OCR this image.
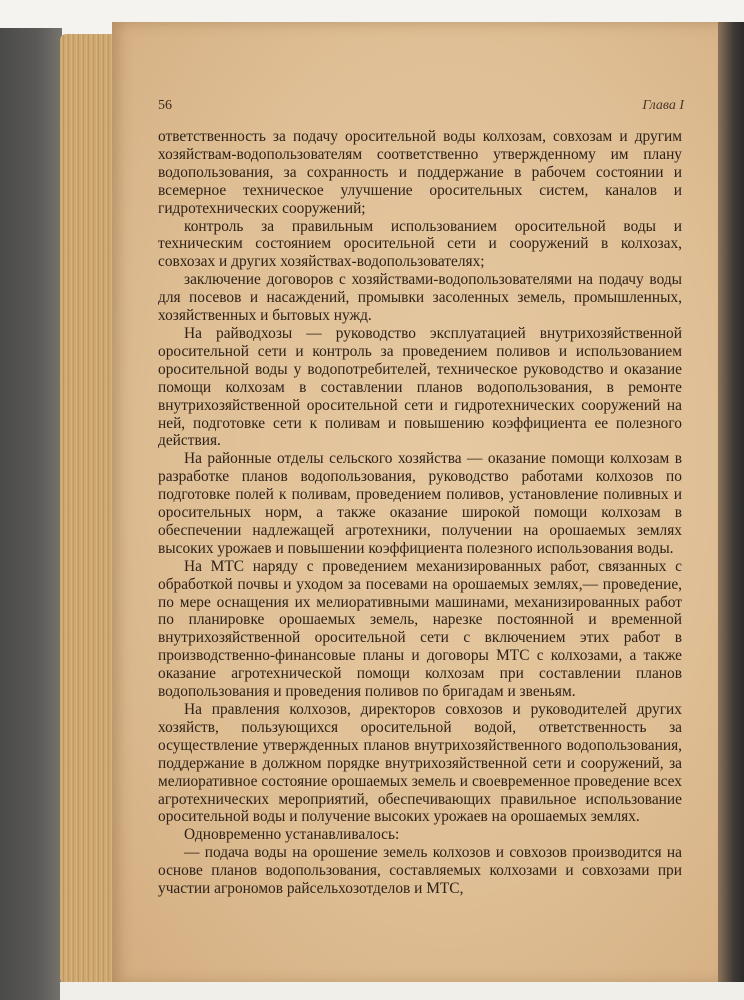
56	Глава I

ответственность за подачу оросительной воды колхозам, совхозам и другим хозяйствам-водопользователям соответственно утвержденному им плану водопользования, за сохранность и поддержание в рабочем состоянии и всемерное техническое улучшение оросительных систем, каналов и гидротехнических сооружений;

контроль за правильным использованием оросительной воды и техническим состоянием оросительной сети и сооружений в колхозах, совхозах и других хозяйствах-водопользователях;

заключение договоров с хозяйствами-водопользователями на подачу воды для посевов и насаждений, промывки засоленных земель, промышленных, хозяйственных и бытовых нужд.

На райводхозы — руководство эксплуатацией внутрихозяйственной оросительной сети и контроль за проведением поливов и использованием оросительной воды у водопотребителей, техническое руководство и оказание помощи колхозам в составлении планов водопользования, в ремонте внутрихозяйственной оросительной сети и гидротехнических сооружений на ней, подготовке сети к поливам и повышению коэффициента ее полезного действия.

На районные отделы сельского хозяйства — оказание помощи колхозам в разработке планов водопользования, руководство работами колхозов по подготовке полей к поливам, проведением поливов, установление поливных и оросительных норм, а также оказание широкой помощи колхозам в обеспечении надлежащей агротехники, получении на орошаемых землях высоких урожаев и повышении коэффициента полезного использования воды.

На МТС наряду с проведением механизированных работ, связанных с обработкой почвы и уходом за посевами на орошаемых землях,— проведение, по мере оснащения их мелиоративными машинами, механизированных работ по планировке орошаемых земель, нарезке постоянной и временной внутрихозяйственной оросительной сети с включением этих работ в производственно-финансовые планы и договоры МТС с колхозами, а также оказание агротехнической помощи колхозам при составлении планов водопользования и проведения поливов по бригадам и звеньям.

На правления колхозов, директоров совхозов и руководителей других хозяйств, пользующихся оросительной водой, ответственность за осуществление утвержденных планов внутрихозяйственного водопользования, поддержание в должном порядке внутрихозяйственной сети и сооружений, за мелиоративное состояние орошаемых земель и своевременное проведение всех агротехнических мероприятий, обеспечивающих правильное использование оросительной воды и получение высоких урожаев на орошаемых землях.

Одновременно устанавливалось:

— подача воды на орошение земель колхозов и совхозов производится на основе планов водопользования, составляемых колхозами и совхозами при участии агрономов райсельхозотделов и МТС,
